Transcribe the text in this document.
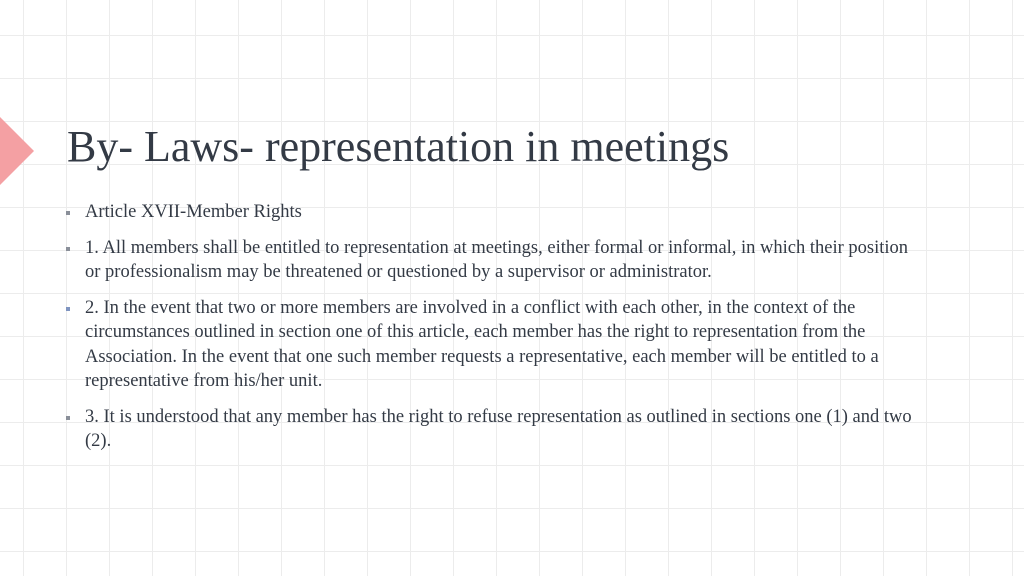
By- Laws- representation in meetings
Article XVII-Member Rights
1. All members shall be entitled to representation at meetings, either formal or informal, in which their position or professionalism may be threatened or questioned by a supervisor or administrator.
2. In the event that two or more members are involved in a conflict with each other, in the context of the circumstances outlined in section one of this article, each member has the right to representation from the Association. In the event that one such member requests a representative, each member will be entitled to a representative from his/her unit.
3. It is understood that any member has the right to refuse representation as outlined in sections one (1) and two (2).
